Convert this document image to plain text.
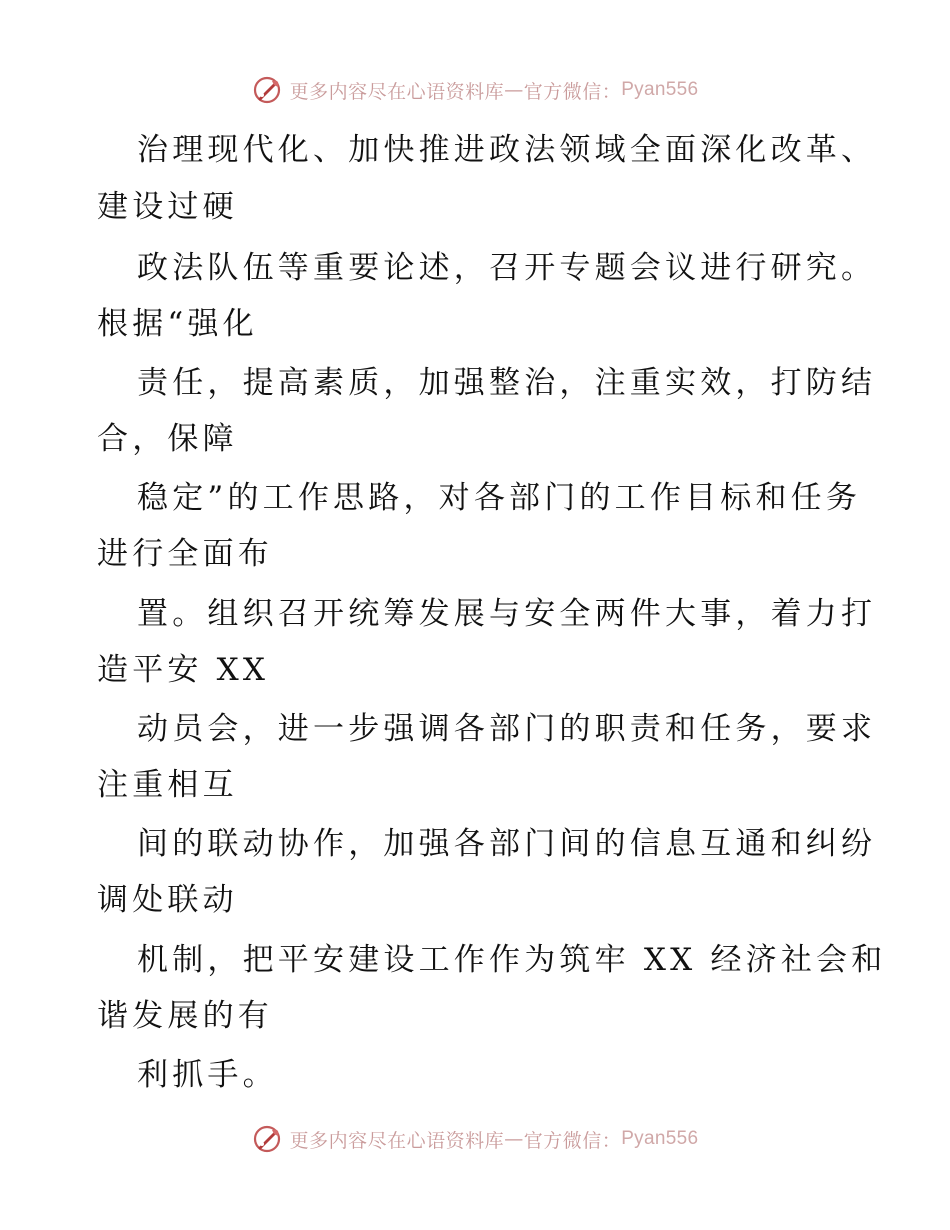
更多内容尽在心语资料库 — 官方微信： Pyan556
治理现代化、加快推进政法领域全面深化改革、
建设过硬
政法队伍等重要论述，召开专题会议进行研究。
根据“强化
责任，提高素质，加强整治，注重实效，打防结
合，保障
稳定”的工作思路，对各部门的工作目标和任务
进行全面布
置。组织召开统筹发展与安全两件大事，着力打
造平安 XX
动员会，进一步强调各部门的职责和任务，要求
注重相互
间的联动协作，加强各部门间的信息互通和纠纷
调处联动
机制，把平安建设工作作为筑牢 XX 经济社会和
谐发展的有
利抓手。
更多内容尽在心语资料库 — 官方微信： Pyan556
